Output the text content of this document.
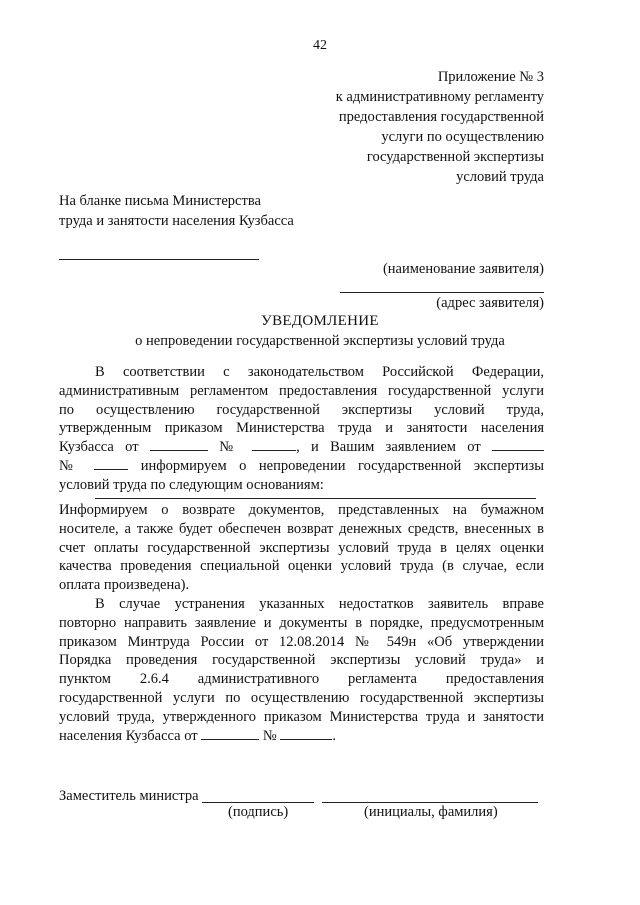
42
Приложение № 3
к административному регламенту
предоставления государственной
услуги по осуществлению
государственной экспертизы
условий труда
На бланке письма Министерства
труда и занятости населения Кузбасса
(наименование заявителя)
(адрес заявителя)
УВЕДОМЛЕНИЕ
о непроведении государственной экспертизы условий труда
В соответствии с законодательством Российской Федерации,
административным регламентом предоставления государственной услуги
по осуществлению государственной экспертизы условий труда,
утвержденным приказом Министерства труда и занятости населения
Кузбасса от	№	, и Вашим заявлением от
№	информируем о непроведении государственной экспертизы
условий труда по следующим основаниям:
Информируем о возврате документов, представленных на бумажном
носителе, а также будет обеспечен возврат денежных средств, внесенных в
счет оплаты государственной экспертизы условий труда в целях оценки
качества проведения специальной оценки условий труда (в случае, если
оплата произведена).
В случае устранения указанных недостатков заявитель вправе
повторно направить заявление и документы в порядке, предусмотренным
приказом Минтруда России от 12.08.2014 № 549н «Об утверждении
Порядка проведения государственной экспертизы условий труда» и
пунктом 2.6.4 административного регламента предоставления
государственной услуги по осуществлению государственной экспертизы
условий труда, утвержденного приказом Министерства труда и занятости
населения Кузбасса от	№	.
Заместитель министра
(подпись)	(инициалы, фамилия)
